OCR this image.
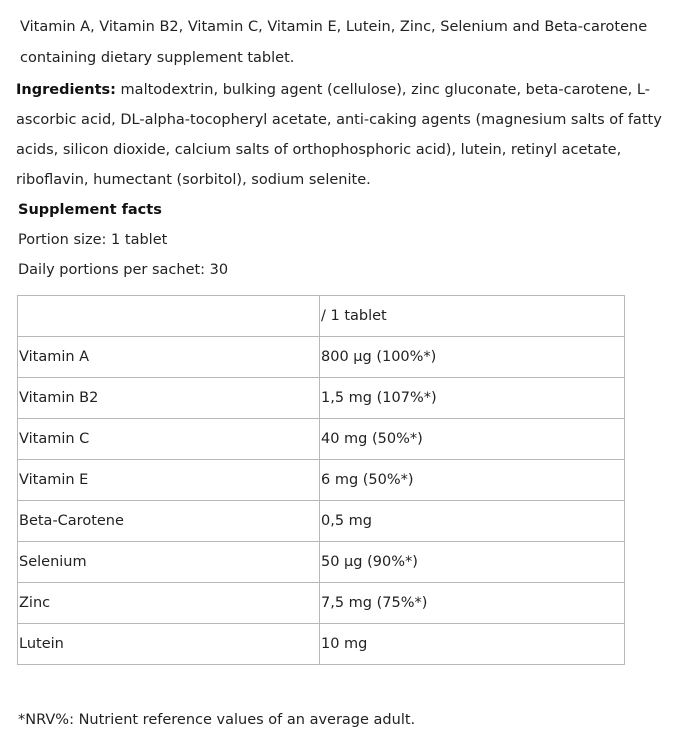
Vitamin A, Vitamin B2, Vitamin C, Vitamin E, Lutein, Zinc, Selenium and Beta-carotene
containing dietary supplement tablet.
Ingredients: maltodextrin, bulking agent (cellulose), zinc gluconate, beta-carotene, L-
ascorbic acid, DL-alpha-tocopheryl acetate, anti-caking agents (magnesium salts of fatty
acids, silicon dioxide, calcium salts of orthophosphoric acid), lutein, retinyl acetate,
riboflavin, humectant (sorbitol), sodium selenite.
Supplement facts
Portion size: 1 tablet
Daily portions per sachet: 30
	/ 1 tablet
Vitamin A	800 µg (100%*)
Vitamin B2	1,5 mg (107%*)
Vitamin C	40 mg (50%*)
Vitamin E	6 mg (50%*)
Beta-Carotene	0,5 mg
Selenium	50 µg (90%*)
Zinc	7,5 mg (75%*)
Lutein	10 mg
*NRV%: Nutrient reference values of an average adult.
